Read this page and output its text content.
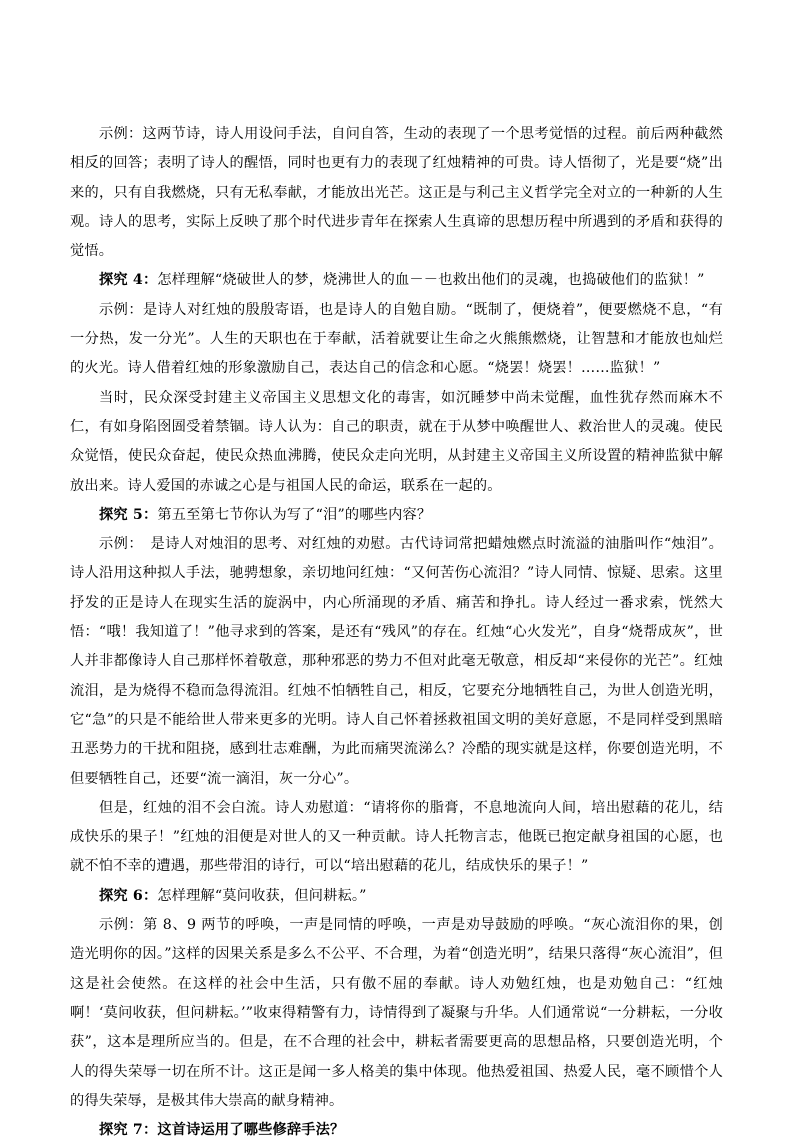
示例：这两节诗，诗人用设问手法，自问自答，生动的表现了一个思考觉悟的过程。前后两种截然相反的回答；表明了诗人的醒悟，同时也更有力的表现了红烛精神的可贵。诗人悟彻了，光是要“烧”出来的，只有自我燃烧，只有无私奉献，才能放出光芒。这正是与利己主义哲学完全对立的一种新的人生观。诗人的思考，实际上反映了那个时代进步青年在探索人生真谛的思想历程中所遇到的矛盾和获得的觉悟。

探究 4：怎样理解“烧破世人的梦，烧沸世人的血－－也救出他们的灵魂，也捣破他们的监狱！”

示例：是诗人对红烛的殷殷寄语，也是诗人的自勉自励。“既制了，便烧着”，便要燃烧不息，“有一分热，发一分光”。人生的天职也在于奉献，活着就要让生命之火熊熊燃烧，让智慧和才能放也灿烂的火光。诗人借着红烛的形象激励自己，表达自己的信念和心愿。“烧罢！烧罢！……监狱！”

当时，民众深受封建主义帝国主义思想文化的毒害，如沉睡梦中尚未觉醒，血性犹存然而麻木不仁，有如身陷囹圄受着禁锢。诗人认为：自己的职责，就在于从梦中唤醒世人、救治世人的灵魂。使民众觉悟，使民众奋起，使民众热血沸腾，使民众走向光明，从封建主义帝国主义所设置的精神监狱中解放出来。诗人爱国的赤诚之心是与祖国人民的命运，联系在一起的。

探究 5：第五至第七节你认为写了“泪”的哪些内容？

示例：　是诗人对烛泪的思考、对红烛的劝慰。古代诗词常把蜡烛燃点时流溢的油脂叫作“烛泪”。诗人沿用这种拟人手法，驰骋想象，亲切地问红烛：“又何苦伤心流泪？”诗人同情、惊疑、思索。这里抒发的正是诗人在现实生活的旋涡中，内心所涌现的矛盾、痛苦和挣扎。诗人经过一番求索，恍然大悟：“哦！我知道了！”他寻求到的答案，是还有“残风”的存在。红烛“心火发光”，自身“烧帮成灰”，世人并非都像诗人自己那样怀着敬意，那种邪恶的势力不但对此毫无敬意，相反却“来侵你的光芒”。红烛流泪，是为烧得不稳而急得流泪。红烛不怕牺牲自己，相反，它要充分地牺牲自己，为世人创造光明，它“急”的只是不能给世人带来更多的光明。诗人自己怀着拯救祖国文明的美好意愿，不是同样受到黑暗丑恶势力的干扰和阻挠，感到壮志难酬，为此而痛哭流涕么？冷酷的现实就是这样，你要创造光明，不但要牺牲自己，还要“流一滴泪，灰一分心”。

但是，红烛的泪不会白流。诗人劝慰道：“请将你的脂膏，不息地流向人间，培出慰藉的花儿，结成快乐的果子！”红烛的泪便是对世人的又一种贡献。诗人托物言志，他既已抱定献身祖国的心愿，也就不怕不幸的遭遇，那些带泪的诗行，可以“培出慰藉的花儿，结成快乐的果子！”

探究 6：怎样理解“莫问收获，但问耕耘。”

示例：第 8、9 两节的呼唤，一声是同情的呼唤，一声是劝导鼓励的呼唤。“灰心流泪你的果，创造光明你的因。”这样的因果关系是多么不公平、不合理，为着“创造光明”，结果只落得“灰心流泪”，但这是社会使然。在这样的社会中生活，只有傲不屈的奉献。诗人劝勉红烛，也是劝勉自己：“红烛啊！‘莫问收获，但问耕耘。’”收束得精警有力，诗情得到了凝聚与升华。人们通常说“一分耕耘，一分收获”，这本是理所应当的。但是，在不合理的社会中，耕耘者需要更高的思想品格，只要创造光明，个人的得失荣辱一切在所不计。这正是闻一多人格美的集中体现。他热爱祖国、热爱人民，毫不顾惜个人的得失荣辱，是极其伟大崇高的献身精神。

探究 7：这首诗运用了哪些修辞手法？
